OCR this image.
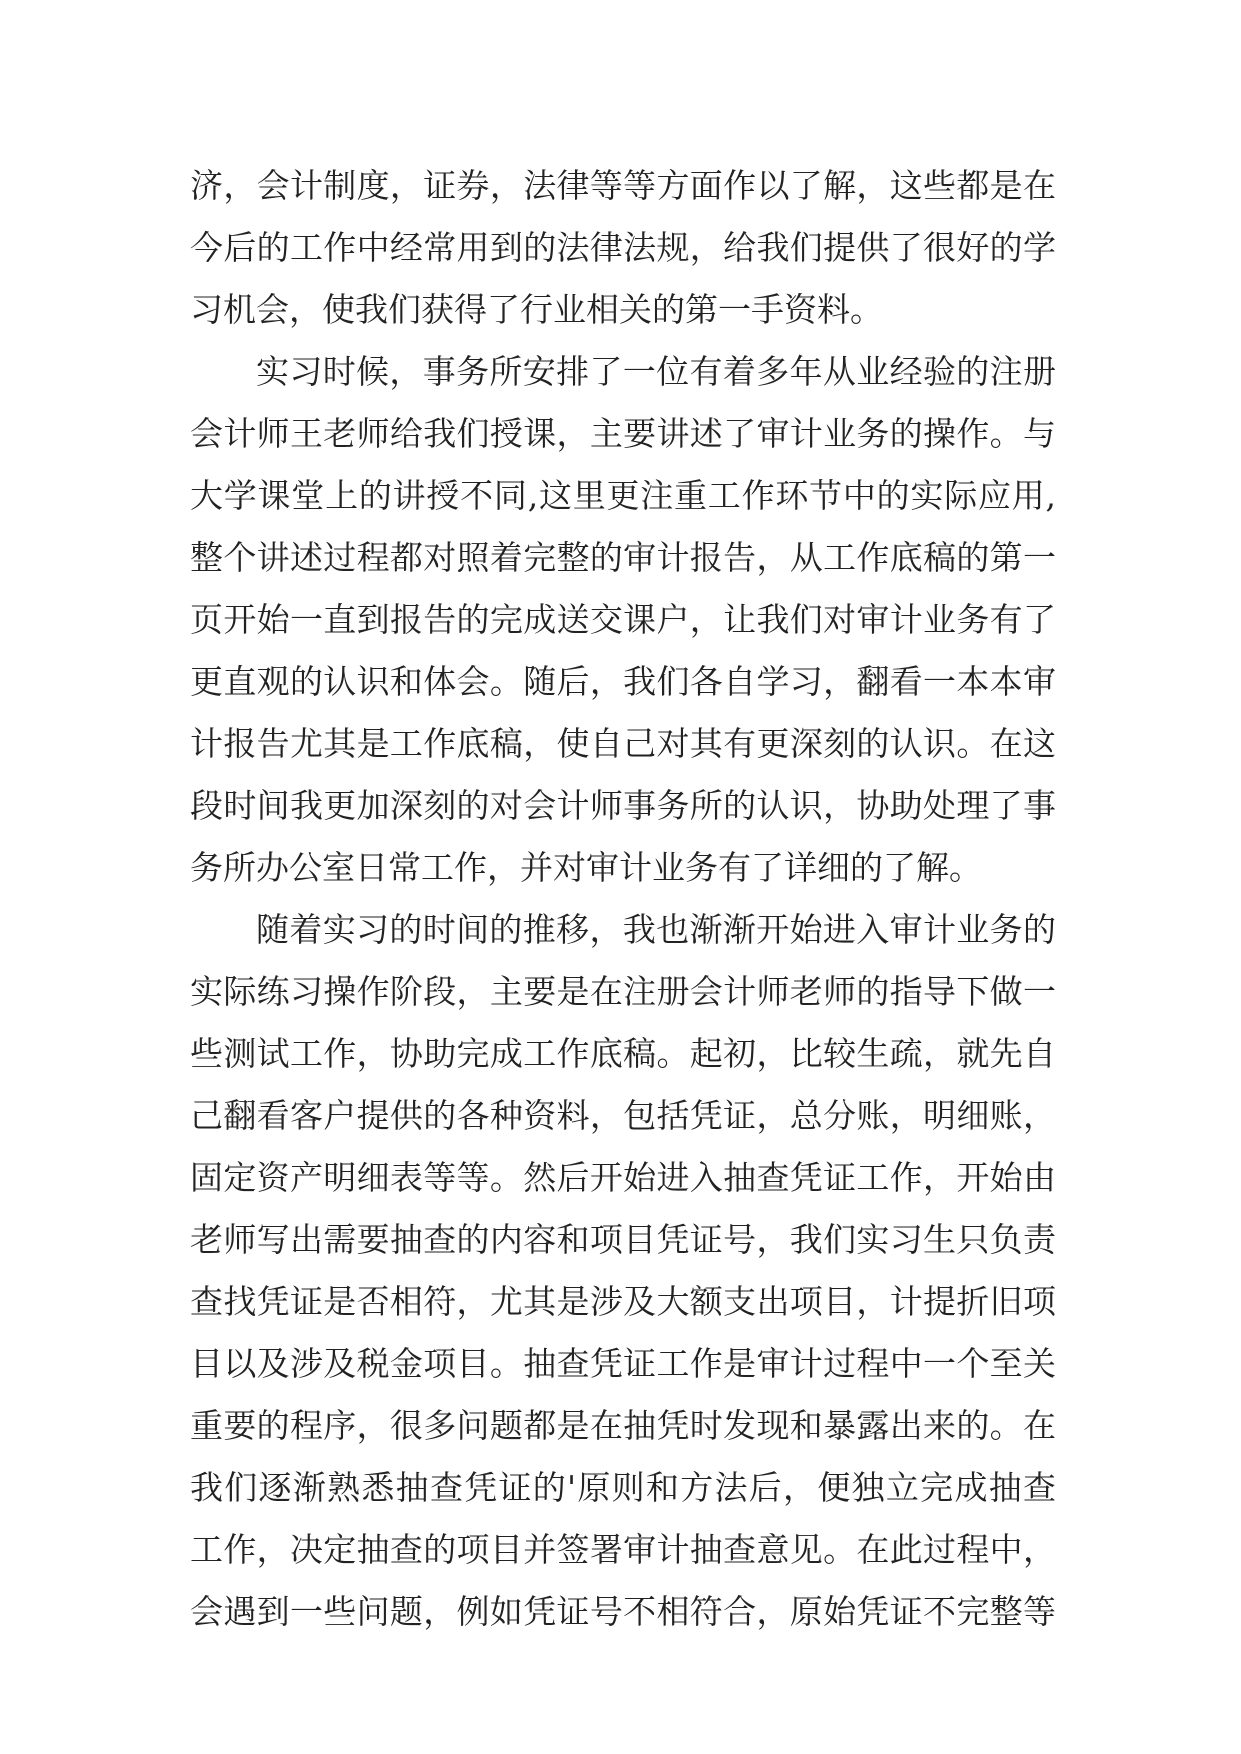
济，会计制度，证券，法律等等方面作以了解，这些都是在
今后的工作中经常用到的法律法规，给我们提供了很好的学
习机会，使我们获得了行业相关的第一手资料。
实习时候，事务所安排了一位有着多年从业经验的注册
会计师王老师给我们授课，主要讲述了审计业务的操作。与
大学课堂上的讲授不同,这里更注重工作环节中的实际应用,
整个讲述过程都对照着完整的审计报告，从工作底稿的第一
页开始一直到报告的完成送交课户，让我们对审计业务有了
更直观的认识和体会。随后，我们各自学习，翻看一本本审
计报告尤其是工作底稿，使自己对其有更深刻的认识。在这
段时间我更加深刻的对会计师事务所的认识，协助处理了事
务所办公室日常工作，并对审计业务有了详细的了解。
随着实习的时间的推移，我也渐渐开始进入审计业务的
实际练习操作阶段，主要是在注册会计师老师的指导下做一
些测试工作，协助完成工作底稿。起初，比较生疏，就先自
己翻看客户提供的各种资料，包括凭证，总分账，明细账，
固定资产明细表等等。然后开始进入抽查凭证工作，开始由
老师写出需要抽查的内容和项目凭证号，我们实习生只负责
查找凭证是否相符，尤其是涉及大额支出项目，计提折旧项
目以及涉及税金项目。抽查凭证工作是审计过程中一个至关
重要的程序，很多问题都是在抽凭时发现和暴露出来的。在
我们逐渐熟悉抽查凭证的'原则和方法后，便独立完成抽查
工作，决定抽查的项目并签署审计抽查意见。在此过程中，
会遇到一些问题，例如凭证号不相符合，原始凭证不完整等
